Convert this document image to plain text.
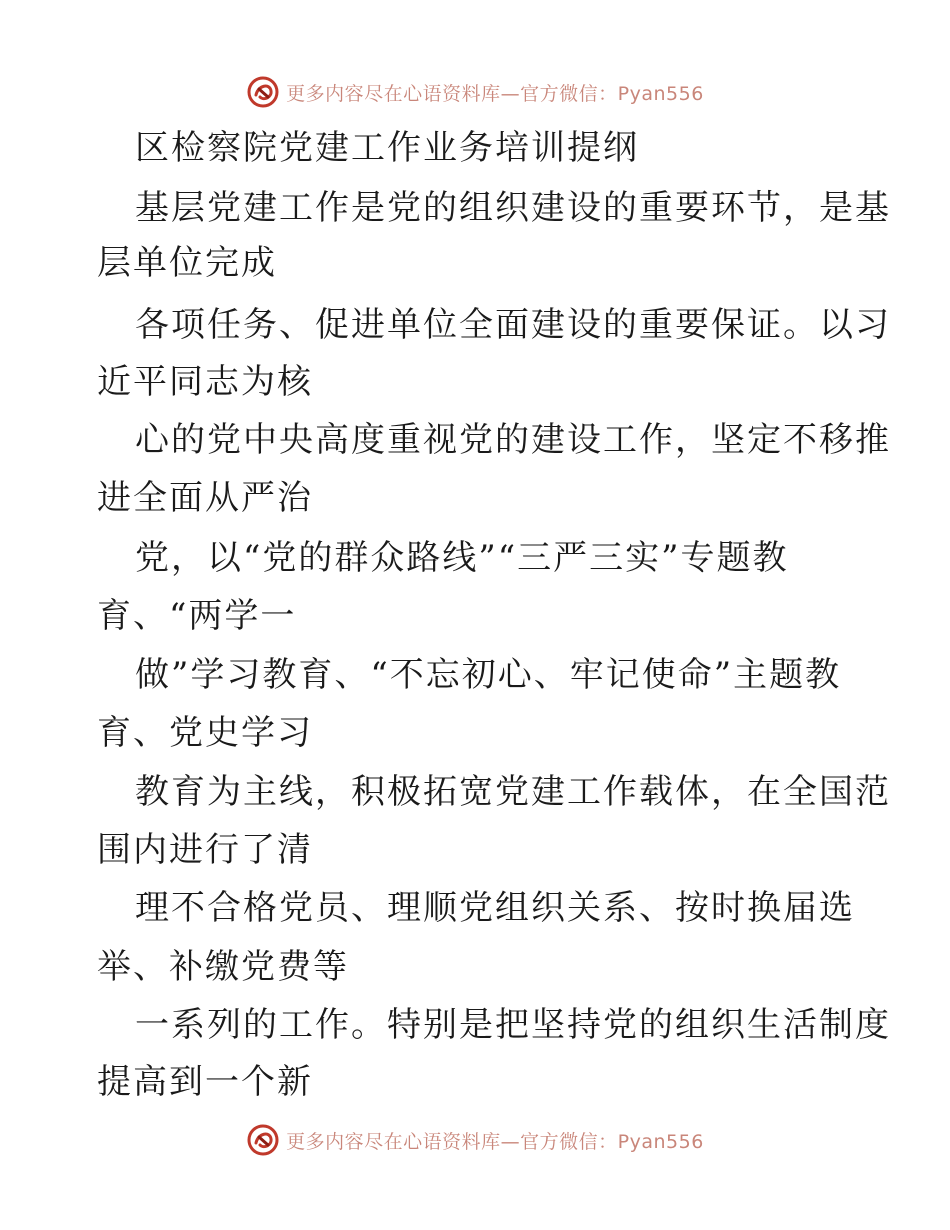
更多内容尽在心语资料库—官方微信：Pyan556
区检察院党建工作业务培训提纲
基层党建工作是党的组织建设的重要环节，是基
层单位完成
各项任务、促进单位全面建设的重要保证。以习
近平同志为核
心的党中央高度重视党的建设工作，坚定不移推
进全面从严治
党，以“党的群众路线”“三严三实”专题教
育、“两学一
做”学习教育、“不忘初心、牢记使命”主题教
育、党史学习
教育为主线，积极拓宽党建工作载体，在全国范
围内进行了清
理不合格党员、理顺党组织关系、按时换届选
举、补缴党费等
一系列的工作。特别是把坚持党的组织生活制度
提高到一个新
更多内容尽在心语资料库—官方微信：Pyan556
